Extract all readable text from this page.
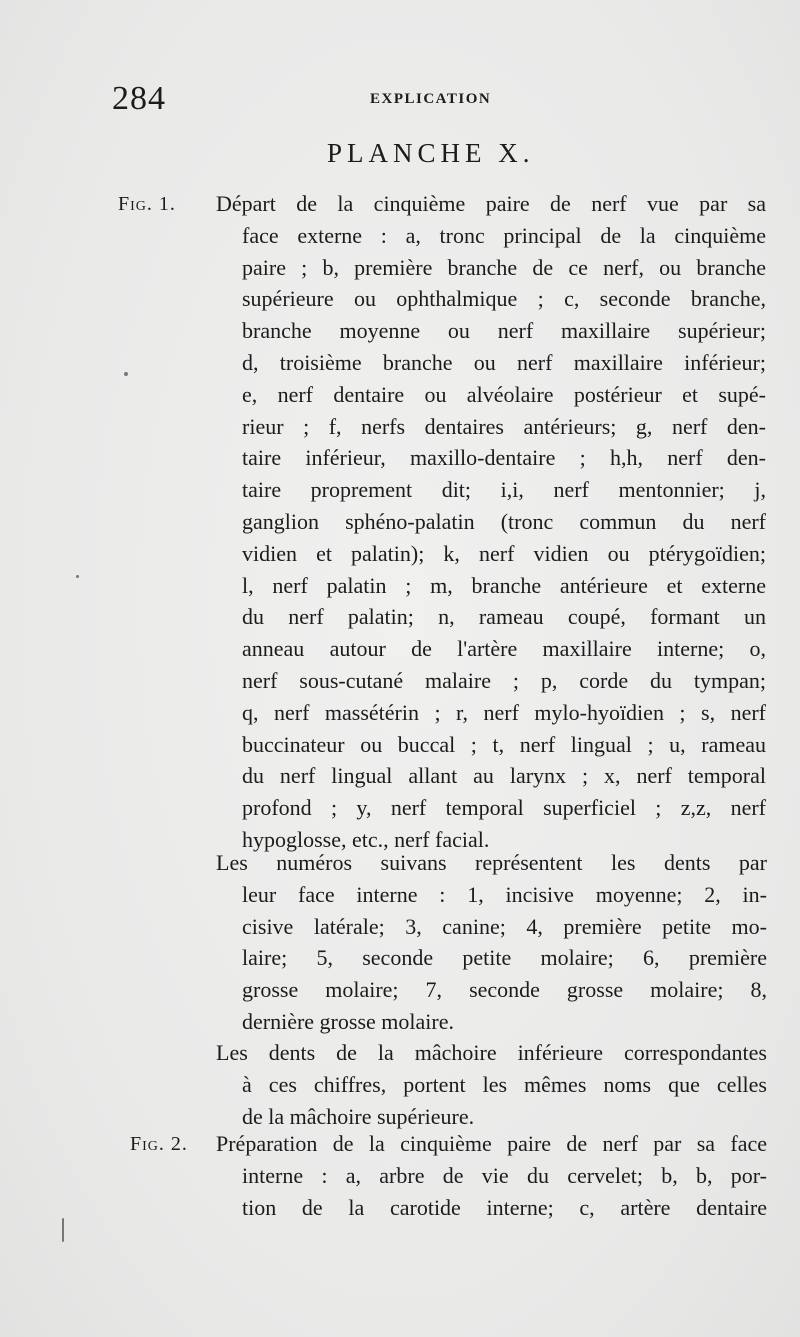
284	EXPLICATION
PLANCHE X.
Fig. 1. Départ de la cinquième paire de nerf vue par sa
face externe : a, tronc principal de la cinquième
paire ; b, première branche de ce nerf, ou branche
supérieure ou ophthalmique ; c, seconde branche,
branche moyenne ou nerf maxillaire supérieur;
d, troisième branche ou nerf maxillaire inférieur;
e, nerf dentaire ou alvéolaire postérieur et supé-
rieur ; f, nerfs dentaires antérieurs; g, nerf den-
taire inférieur, maxillo-dentaire ; h,h, nerf den-
taire proprement dit; i,i, nerf mentonnier; j,
ganglion sphéno-palatin (tronc commun du nerf
vidien et palatin); k, nerf vidien ou ptérygoïdien;
l, nerf palatin ; m, branche antérieure et externe
du nerf palatin; n, rameau coupé, formant un
anneau autour de l'artère maxillaire interne; o,
nerf sous-cutané malaire ; p, corde du tympan;
q, nerf massétérin ; r, nerf mylo-hyoïdien ; s, nerf
buccinateur ou buccal ; t, nerf lingual ; u, rameau
du nerf lingual allant au larynx ; x, nerf temporal
profond ; y, nerf temporal superficiel ; z,z, nerf
hypoglosse, etc., nerf facial.
Les numéros suivans représentent les dents par
leur face interne : 1, incisive moyenne; 2, in-
cisive latérale; 3, canine; 4, première petite mo-
laire; 5, seconde petite molaire; 6, première
grosse molaire; 7, seconde grosse molaire; 8,
dernière grosse molaire.
Les dents de la mâchoire inférieure correspondantes
à ces chiffres, portent les mêmes noms que celles
de la mâchoire supérieure.
Fig. 2. Préparation de la cinquième paire de nerf par sa face
interne : a, arbre de vie du cervelet; b, b, por-
tion de la carotide interne; c, artère dentaire
